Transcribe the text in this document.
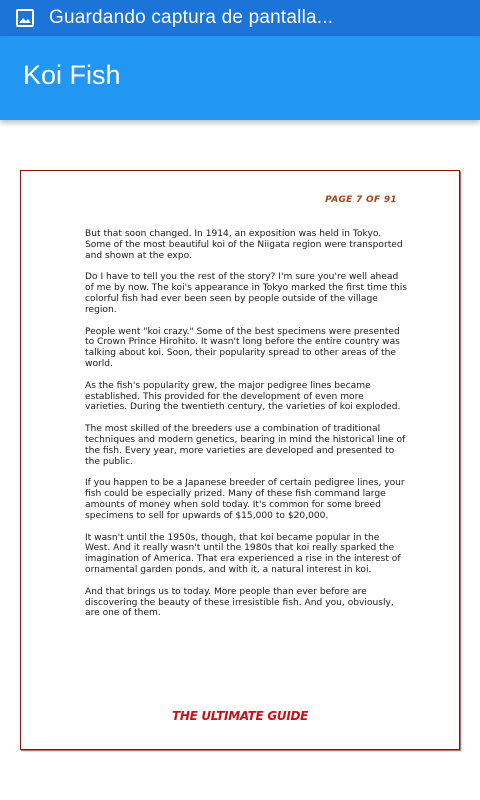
Guardando captura de pantalla...
Koi Fish
PAGE 7 OF 91

But that soon changed. In 1914, an exposition was held in Tokyo. Some of the most beautiful koi of the Niigata region were transported and shown at the expo.

Do I have to tell you the rest of the story? I'm sure you're well ahead of me by now. The koi's appearance in Tokyo marked the first time this colorful fish had ever been seen by people outside of the village region.

People went "koi crazy." Some of the best specimens were presented to Crown Prince Hirohito. It wasn't long before the entire country was talking about koi. Soon, their popularity spread to other areas of the world.

As the fish's popularity grew, the major pedigree lines became established. This provided for the development of even more varieties. During the twentieth century, the varieties of koi exploded.

The most skilled of the breeders use a combination of traditional techniques and modern genetics, bearing in mind the historical line of the fish. Every year, more varieties are developed and presented to the public.

If you happen to be a Japanese breeder of certain pedigree lines, your fish could be especially prized. Many of these fish command large amounts of money when sold today. It's common for some breed specimens to sell for upwards of $15,000 to $20,000.

It wasn't until the 1950s, though, that koi became popular in the West. And it really wasn't until the 1980s that koi really sparked the imagination of America. That era experienced a rise in the interest of ornamental garden ponds, and with it, a natural interest in koi.

And that brings us to today. More people than ever before are discovering the beauty of these irresistible fish. And you, obviously, are one of them.

THE ULTIMATE GUIDE
